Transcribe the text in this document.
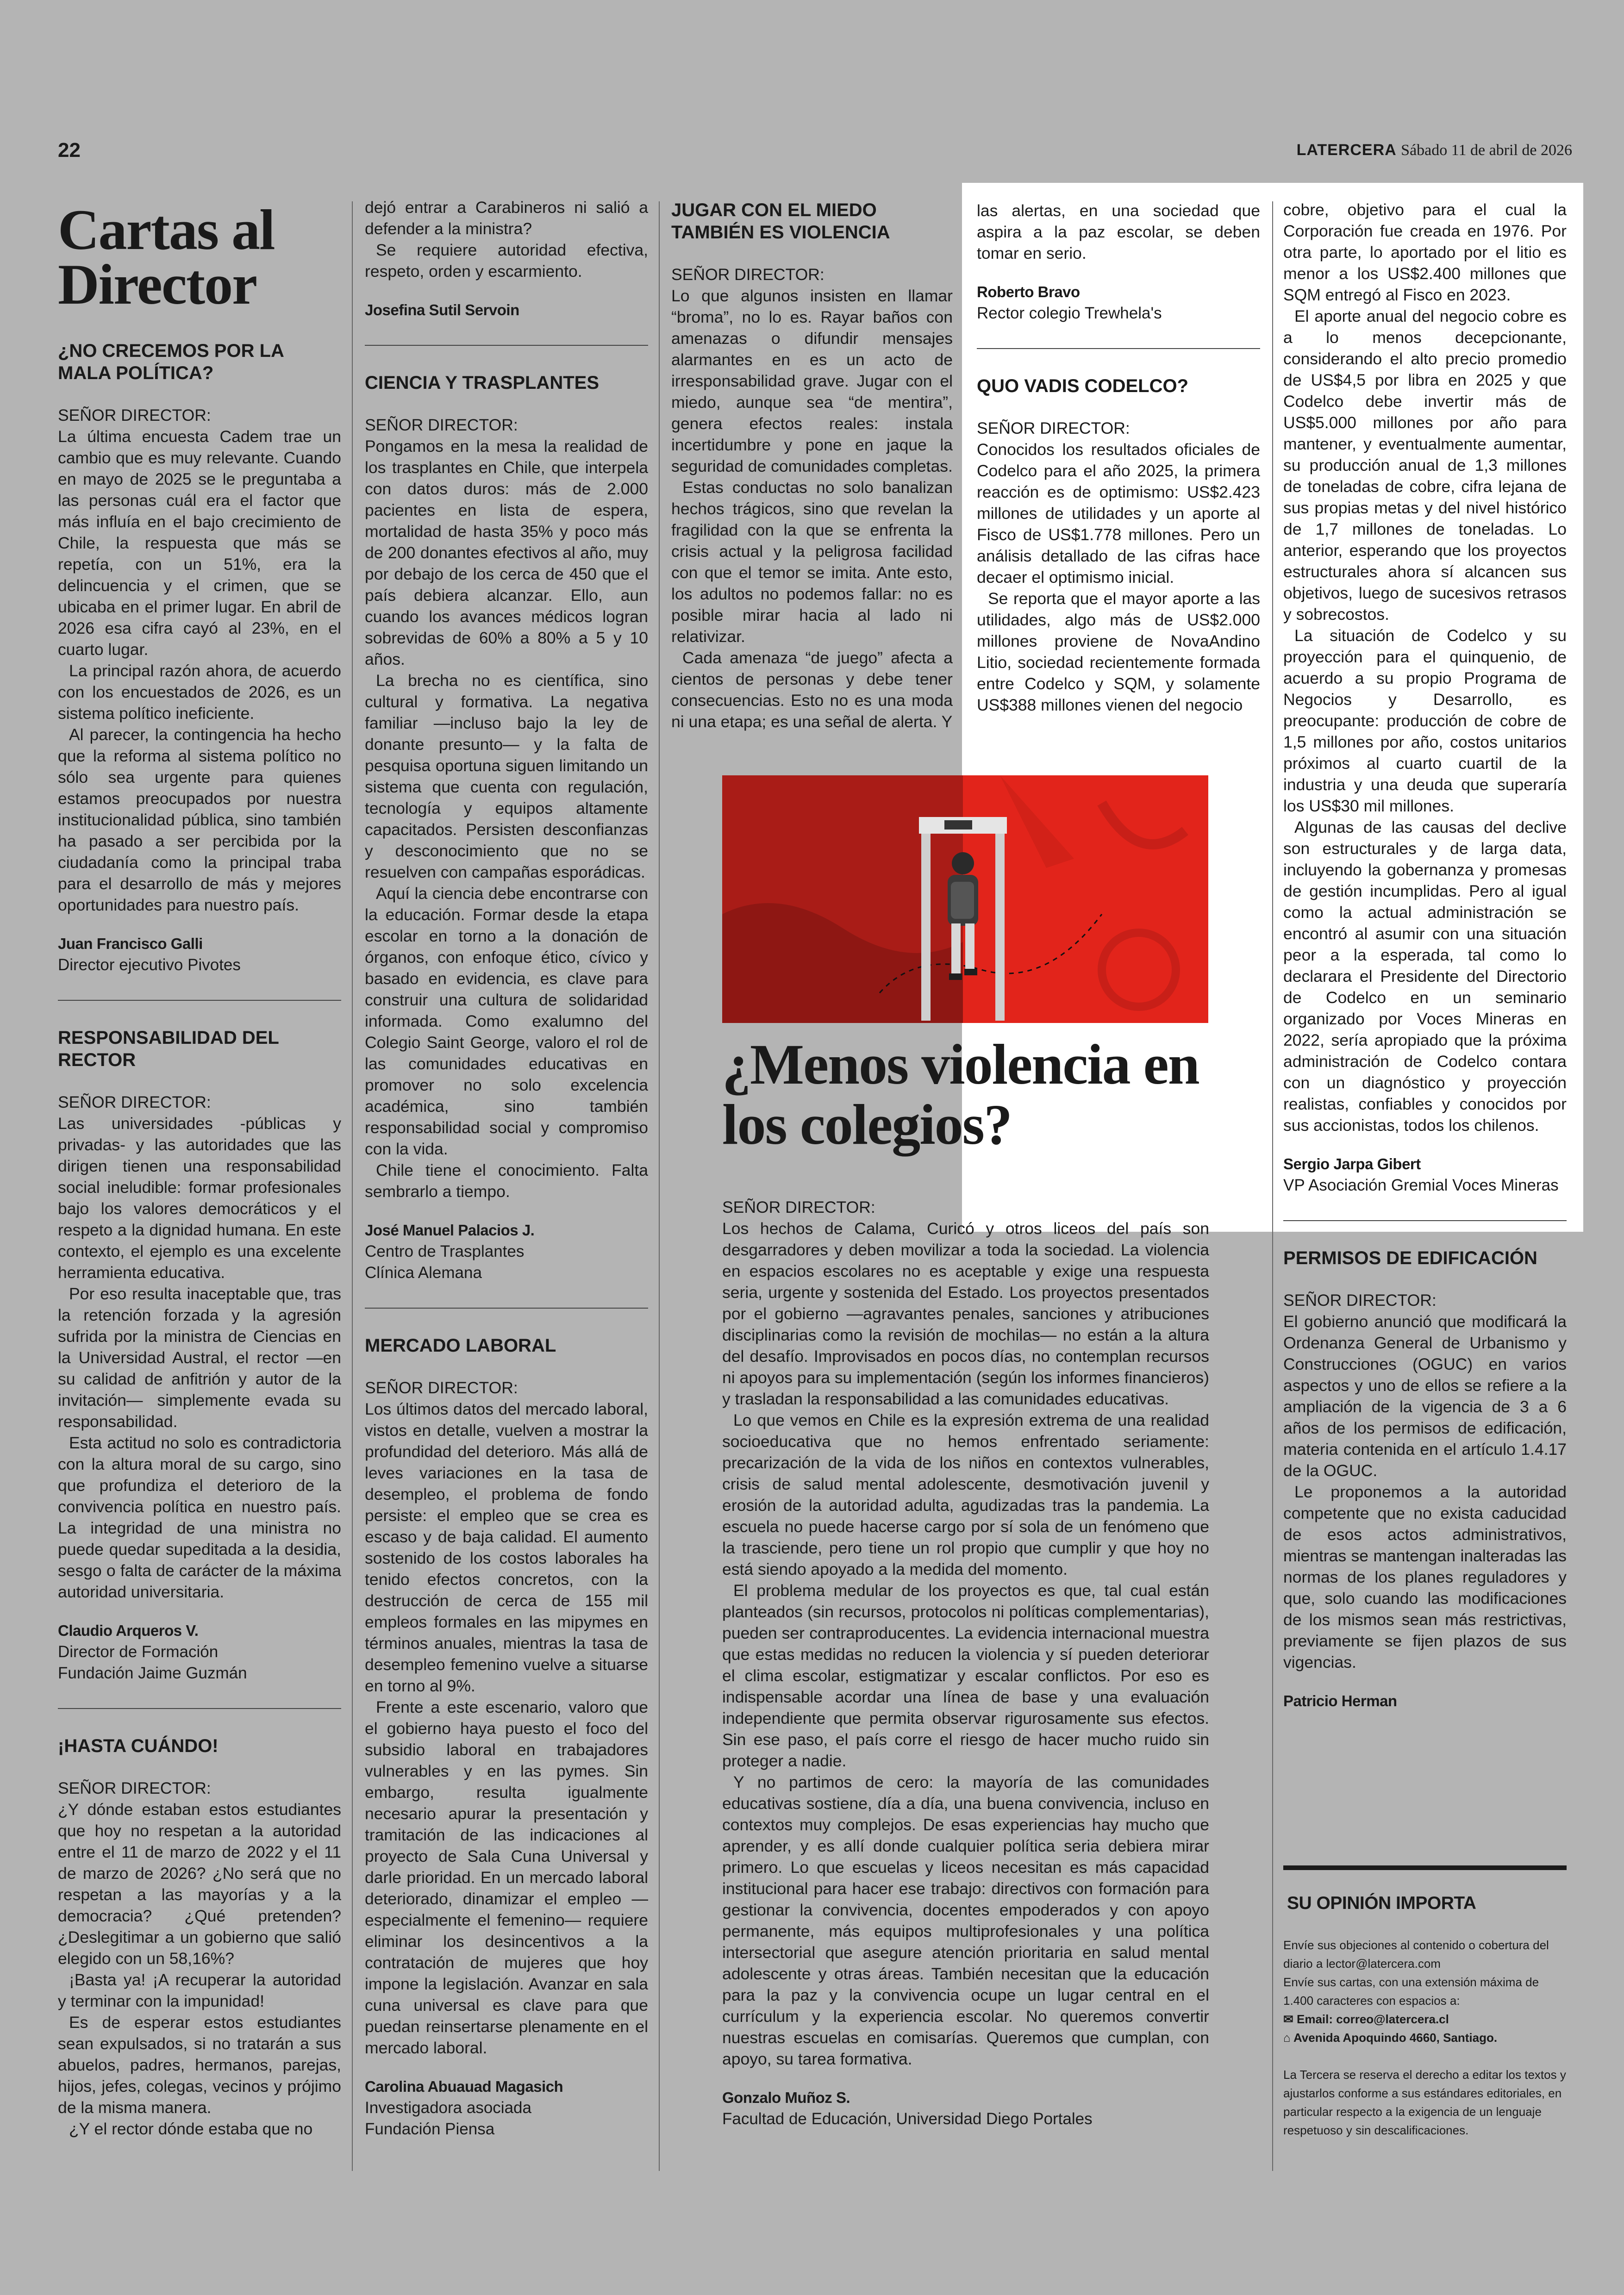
22	LATERCERA Sábado 11 de abril de 2026
Cartas al Director
¿NO CRECEMOS POR LA MALA POLÍTICA?

SEÑOR DIRECTOR:

La última encuesta Cadem trae un cambio que es muy relevante. Cuando en mayo de 2025 se le preguntaba a las personas cuál era el factor que más influía en el bajo crecimiento de Chile, la respuesta que más se repetía, con un 51%, era la delincuencia y el crimen, que se ubicaba en el primer lugar. En abril de 2026 esa cifra cayó al 23%, en el cuarto lugar.

La principal razón ahora, de acuerdo con los encuestados de 2026, es un sistema político ineficiente.

Al parecer, la contingencia ha hecho que la reforma al sistema político no sólo sea urgente para quienes estamos preocupados por nuestra institucionalidad pública, sino también ha pasado a ser percibida por la ciudadanía como la principal traba para el desarrollo de más y mejores oportunidades para nuestro país.

Juan Francisco Galli
Director ejecutivo Pivotes
RESPONSABILIDAD DEL RECTOR

SEÑOR DIRECTOR:

Las universidades -públicas y privadas- y las autoridades que las dirigen tienen una responsabilidad social ineludible: formar profesionales bajo los valores democráticos y el respeto a la dignidad humana. En este contexto, el ejemplo es una excelente herramienta educativa.

Por eso resulta inaceptable que, tras la retención forzada y la agresión sufrida por la ministra de Ciencias en la Universidad Austral, el rector —en su calidad de anfitrión y autor de la invitación— simplemente evada su responsabilidad.

Esta actitud no solo es contradictoria con la altura moral de su cargo, sino que profundiza el deterioro de la convivencia política en nuestro país. La integridad de una ministra no puede quedar supeditada a la desidia, sesgo o falta de carácter de la máxima autoridad universitaria.

Claudio Arqueros V.
Director de Formación
Fundación Jaime Guzmán
¡HASTA CUÁNDO!

SEÑOR DIRECTOR:

¿Y dónde estaban estos estudiantes que hoy no respetan a la autoridad entre el 11 de marzo de 2022 y el 11 de marzo de 2026? ¿No será que no respetan a las mayorías y a la democracia? ¿Qué pretenden? ¿Deslegitimar a un gobierno que salió elegido con un 58,16%?

¡Basta ya! ¡A recuperar la autoridad y terminar con la impunidad!

Es de esperar estos estudiantes sean expulsados, si no tratarán a sus abuelos, padres, hermanos, parejas, hijos, jefes, colegas, vecinos y prójimo de la misma manera.

¿Y el rector dónde estaba que no

dejó entrar a Carabineros ni salió a defender a la ministra?

Se requiere autoridad efectiva, respeto, orden y escarmiento.

Josefina Sutil Servoin
CIENCIA Y TRASPLANTES

SEÑOR DIRECTOR:

Pongamos en la mesa la realidad de los trasplantes en Chile, que interpela con datos duros: más de 2.000 pacientes en lista de espera, mortalidad de hasta 35% y poco más de 200 donantes efectivos al año, muy por debajo de los cerca de 450 que el país debiera alcanzar. Ello, aun cuando los avances médicos logran sobrevidas de 60% a 80% a 5 y 10 años.

La brecha no es científica, sino cultural y formativa. La negativa familiar —incluso bajo la ley de donante presunto— y la falta de pesquisa oportuna siguen limitando un sistema que cuenta con regulación, tecnología y equipos altamente capacitados. Persisten desconfianzas y desconocimiento que no se resuelven con campañas esporádicas.

Aquí la ciencia debe encontrarse con la educación. Formar desde la etapa escolar en torno a la donación de órganos, con enfoque ético, cívico y basado en evidencia, es clave para construir una cultura de solidaridad informada. Como exalumno del Colegio Saint George, valoro el rol de las comunidades educativas en promover no solo excelencia académica, sino también responsabilidad social y compromiso con la vida.

Chile tiene el conocimiento. Falta sembrarlo a tiempo.

José Manuel Palacios J.
Centro de Trasplantes
Clínica Alemana
MERCADO LABORAL

SEÑOR DIRECTOR:

Los últimos datos del mercado laboral, vistos en detalle, vuelven a mostrar la profundidad del deterioro. Más allá de leves variaciones en la tasa de desempleo, el problema de fondo persiste: el empleo que se crea es escaso y de baja calidad. El aumento sostenido de los costos laborales ha tenido efectos concretos, con la destrucción de cerca de 155 mil empleos formales en las mipymes en términos anuales, mientras la tasa de desempleo femenino vuelve a situarse en torno al 9%.

Frente a este escenario, valoro que el gobierno haya puesto el foco del subsidio laboral en trabajadores vulnerables y en las pymes. Sin embargo, resulta igualmente necesario apurar la presentación y tramitación de las indicaciones al proyecto de Sala Cuna Universal y darle prioridad. En un mercado laboral deteriorado, dinamizar el empleo —especialmente el femenino— requiere eliminar los desincentivos a la contratación de mujeres que hoy impone la legislación. Avanzar en sala cuna universal es clave para que puedan reinsertarse plenamente en el mercado laboral.

Carolina Abuauad Magasich
Investigadora asociada
Fundación Piensa
JUGAR CON EL MIEDO TAMBIÉN ES VIOLENCIA

SEÑOR DIRECTOR:

Lo que algunos insisten en llamar “broma”, no lo es. Rayar baños con amenazas o difundir mensajes alarmantes en es un acto de irresponsabilidad grave. Jugar con el miedo, aunque sea “de mentira”, genera efectos reales: instala incertidumbre y pone en jaque la seguridad de comunidades completas.

Estas conductas no solo banalizan hechos trágicos, sino que revelan la fragilidad con la que se enfrenta la crisis actual y la peligrosa facilidad con que el temor se imita. Ante esto, los adultos no podemos fallar: no es posible mirar hacia al lado ni relativizar.

Cada amenaza “de juego” afecta a cientos de personas y debe tener consecuencias. Esto no es una moda ni una etapa; es una señal de alerta. Y

las alertas, en una sociedad que aspira a la paz escolar, se deben tomar en serio.

Roberto Bravo
Rector colegio Trewhela's
QUO VADIS CODELCO?

SEÑOR DIRECTOR:

Conocidos los resultados oficiales de Codelco para el año 2025, la primera reacción es de optimismo: US$2.423 millones de utilidades y un aporte al Fisco de US$1.778 millones. Pero un análisis detallado de las cifras hace decaer el optimismo inicial.

Se reporta que el mayor aporte a las utilidades, algo más de US$2.000 millones proviene de NovaAndino Litio, sociedad recientemente formada entre Codelco y SQM, y solamente US$388 millones vienen del negocio

¿Menos violencia en los colegios?

SEÑOR DIRECTOR:

Los hechos de Calama, Curicó y otros liceos del país son desgarradores y deben movilizar a toda la sociedad. La violencia en espacios escolares no es aceptable y exige una respuesta seria, urgente y sostenida del Estado. Los proyectos presentados por el gobierno —agravantes penales, sanciones y atribuciones disciplinarias como la revisión de mochilas— no están a la altura del desafío. Improvisados en pocos días, no contemplan recursos ni apoyos para su implementación (según los informes financieros) y trasladan la responsabilidad a las comunidades educativas.

Lo que vemos en Chile es la expresión extrema de una realidad socioeducativa que no hemos enfrentado seriamente: precarización de la vida de los niños en contextos vulnerables, crisis de salud mental adolescente, desmotivación juvenil y erosión de la autoridad adulta, agudizadas tras la pandemia. La escuela no puede hacerse cargo por sí sola de un fenómeno que la trasciende, pero tiene un rol propio que cumplir y que hoy no está siendo apoyado a la medida del momento.

El problema medular de los proyectos es que, tal cual están planteados (sin recursos, protocolos ni políticas complementarias), pueden ser contraproducentes. La evidencia internacional muestra que estas medidas no reducen la violencia y sí pueden deteriorar el clima escolar, estigmatizar y escalar conflictos. Por eso es indispensable acordar una línea de base y una evaluación independiente que permita observar rigurosamente sus efectos. Sin ese paso, el país corre el riesgo de hacer mucho ruido sin proteger a nadie.

Y no partimos de cero: la mayoría de las comunidades educativas sostiene, día a día, una buena convivencia, incluso en contextos muy complejos. De esas experiencias hay mucho que aprender, y es allí donde cualquier política seria debiera mirar primero. Lo que escuelas y liceos necesitan es más capacidad institucional para hacer ese trabajo: directivos con formación para gestionar la convivencia, docentes empoderados y con apoyo permanente, más equipos multiprofesionales y una política intersectorial que asegure atención prioritaria en salud mental adolescente y otras áreas. También necesitan que la educación para la paz y la convivencia ocupe un lugar central en el currículum y la experiencia escolar. No queremos convertir nuestras escuelas en comisarías. Queremos que cumplan, con apoyo, su tarea formativa.

Gonzalo Muñoz S.
Facultad de Educación, Universidad Diego Portales

cobre, objetivo para el cual la Corporación fue creada en 1976. Por otra parte, lo aportado por el litio es menor a los US$2.400 millones que SQM entregó al Fisco en 2023.

El aporte anual del negocio cobre es a lo menos decepcionante, considerando el alto precio promedio de US$4,5 por libra en 2025 y que Codelco debe invertir más de US$5.000 millones por año para mantener, y eventualmente aumentar, su producción anual de 1,3 millones de toneladas de cobre, cifra lejana de sus propias metas y del nivel histórico de 1,7 millones de toneladas. Lo anterior, esperando que los proyectos estructurales ahora sí alcancen sus objetivos, luego de sucesivos retrasos y sobrecostos.

La situación de Codelco y su proyección para el quinquenio, de acuerdo a su propio Programa de Negocios y Desarrollo, es preocupante: producción de cobre de 1,5 millones por año, costos unitarios próximos al cuarto cuartil de la industria y una deuda que superaría los US$30 mil millones.

Algunas de las causas del declive son estructurales y de larga data, incluyendo la gobernanza y promesas de gestión incumplidas. Pero al igual como la actual administración se encontró al asumir con una situación peor a la esperada, tal como lo declarara el Presidente del Directorio de Codelco en un seminario organizado por Voces Mineras en 2022, sería apropiado que la próxima administración de Codelco contara con un diagnóstico y proyección realistas, confiables y conocidos por sus accionistas, todos los chilenos.

Sergio Jarpa Gibert
VP Asociación Gremial Voces Mineras
PERMISOS DE EDIFICACIÓN

SEÑOR DIRECTOR:

El gobierno anunció que modificará la Ordenanza General de Urbanismo y Construcciones (OGUC) en varios aspectos y uno de ellos se refiere a la ampliación de la vigencia de 3 a 6 años de los permisos de edificación, materia contenida en el artículo 1.4.17 de la OGUC.

Le proponemos a la autoridad competente que no exista caducidad de esos actos administrativos, mientras se mantengan inalteradas las normas de los planes reguladores y que, solo cuando las modificaciones de los mismos sean más restrictivas, previamente se fijen plazos de sus vigencias.

Patricio Herman
SU OPINIÓN IMPORTA
Envíe sus objeciones al contenido o cobertura del diario a lector@latercera.com
Envíe sus cartas, con una extensión máxima de 1.400 caracteres con espacios a:
✉ Email: correo@latercera.cl
⌂ Avenida Apoquindo 4660, Santiago.
La Tercera se reserva el derecho a editar los textos y ajustarlos conforme a sus estándares editoriales, en particular respecto a la exigencia de un lenguaje respetuoso y sin descalificaciones.
